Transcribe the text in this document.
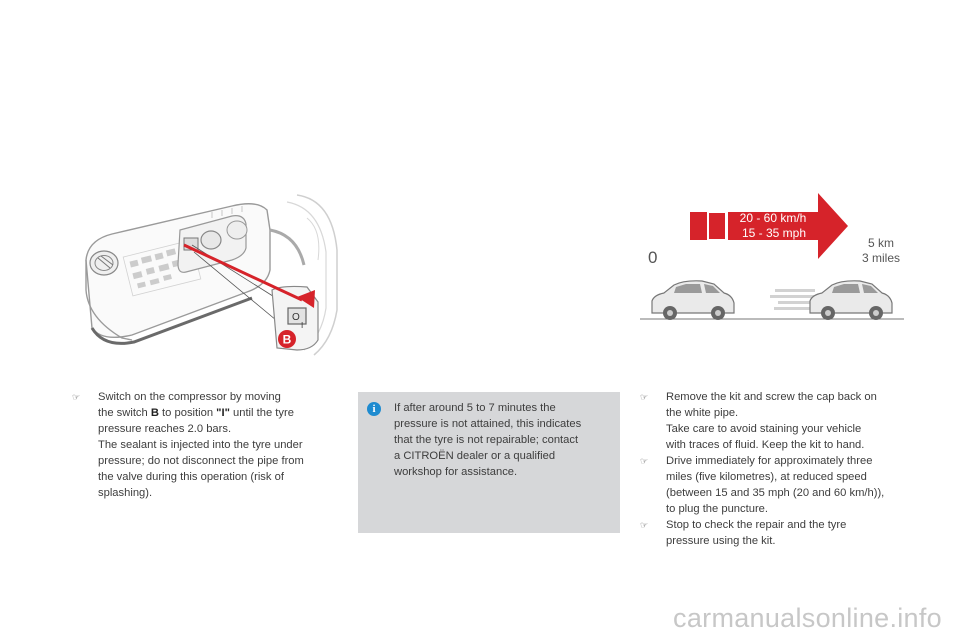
O
I
B
20 - 60 km/h
15 - 35 mph
0
5 km
3 miles
☞ Switch on the compressor by moving
the switch B to position "I" until the tyre
pressure reaches 2.0 bars.
The sealant is injected into the tyre under
pressure; do not disconnect the pipe from
the valve during this operation (risk of
splashing).

i	If after around 5 to 7 minutes the
pressure is not attained, this indicates
that the tyre is not repairable; contact
a CITROËN dealer or a qualified
workshop for assistance.
☞ Remove the kit and screw the cap back on
the white pipe.
Take care to avoid staining your vehicle
with traces of fluid. Keep the kit to hand.

☞ Drive immediately for approximately three
miles (five kilometres), at reduced speed
(between 15 and 35 mph (20 and 60 km/h)),
to plug the puncture.

☞ Stop to check the repair and the tyre
pressure using the kit.

carmanualsonline.info
